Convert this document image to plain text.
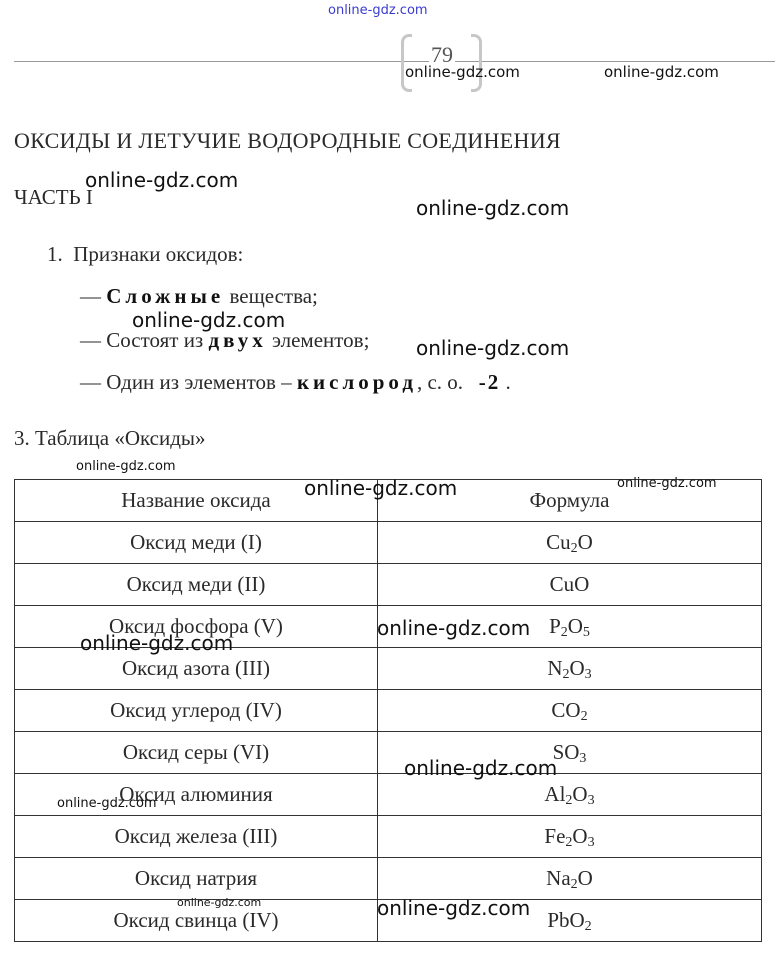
online-gdz.com
79
ОКСИДЫ И ЛЕТУЧИЕ ВОДОРОДНЫЕ СОЕДИНЕНИЯ
ЧАСТЬ I
1. Признаки оксидов:
— Сложные вещества;
— Состоят из двух элементов;
— Один из элементов – кислород, с. о. -2 .
3. Таблица «Оксиды»
Название оксида	Формула
Оксид меди (I)	$Cu_2O$
Оксид меди (II)	CuO
Оксид фосфора (V)	$P_2O_5$
Оксид азота (III)	$N_2O_3$
Оксид углерод (IV)	$CO_2$
Оксид серы (VI)	$SO_3$
Оксид алюминия	$Al_2O_3$
Оксид железа (III)	$Fe_2O_3$
Оксид натрия	$Na_2O$
Оксид свинца (IV)	PbO$_2$
online-gdz.com	online-gdz.com
online-gdz.com
online-gdz.com
online-gdz.com
online-gdz.com
online-gdz.com
online-gdz.com	online-gdz.com
online-gdz.com
online-gdz.com
online-gdz.com
online-gdz.com
online-gdz.com	online-gdz.com
